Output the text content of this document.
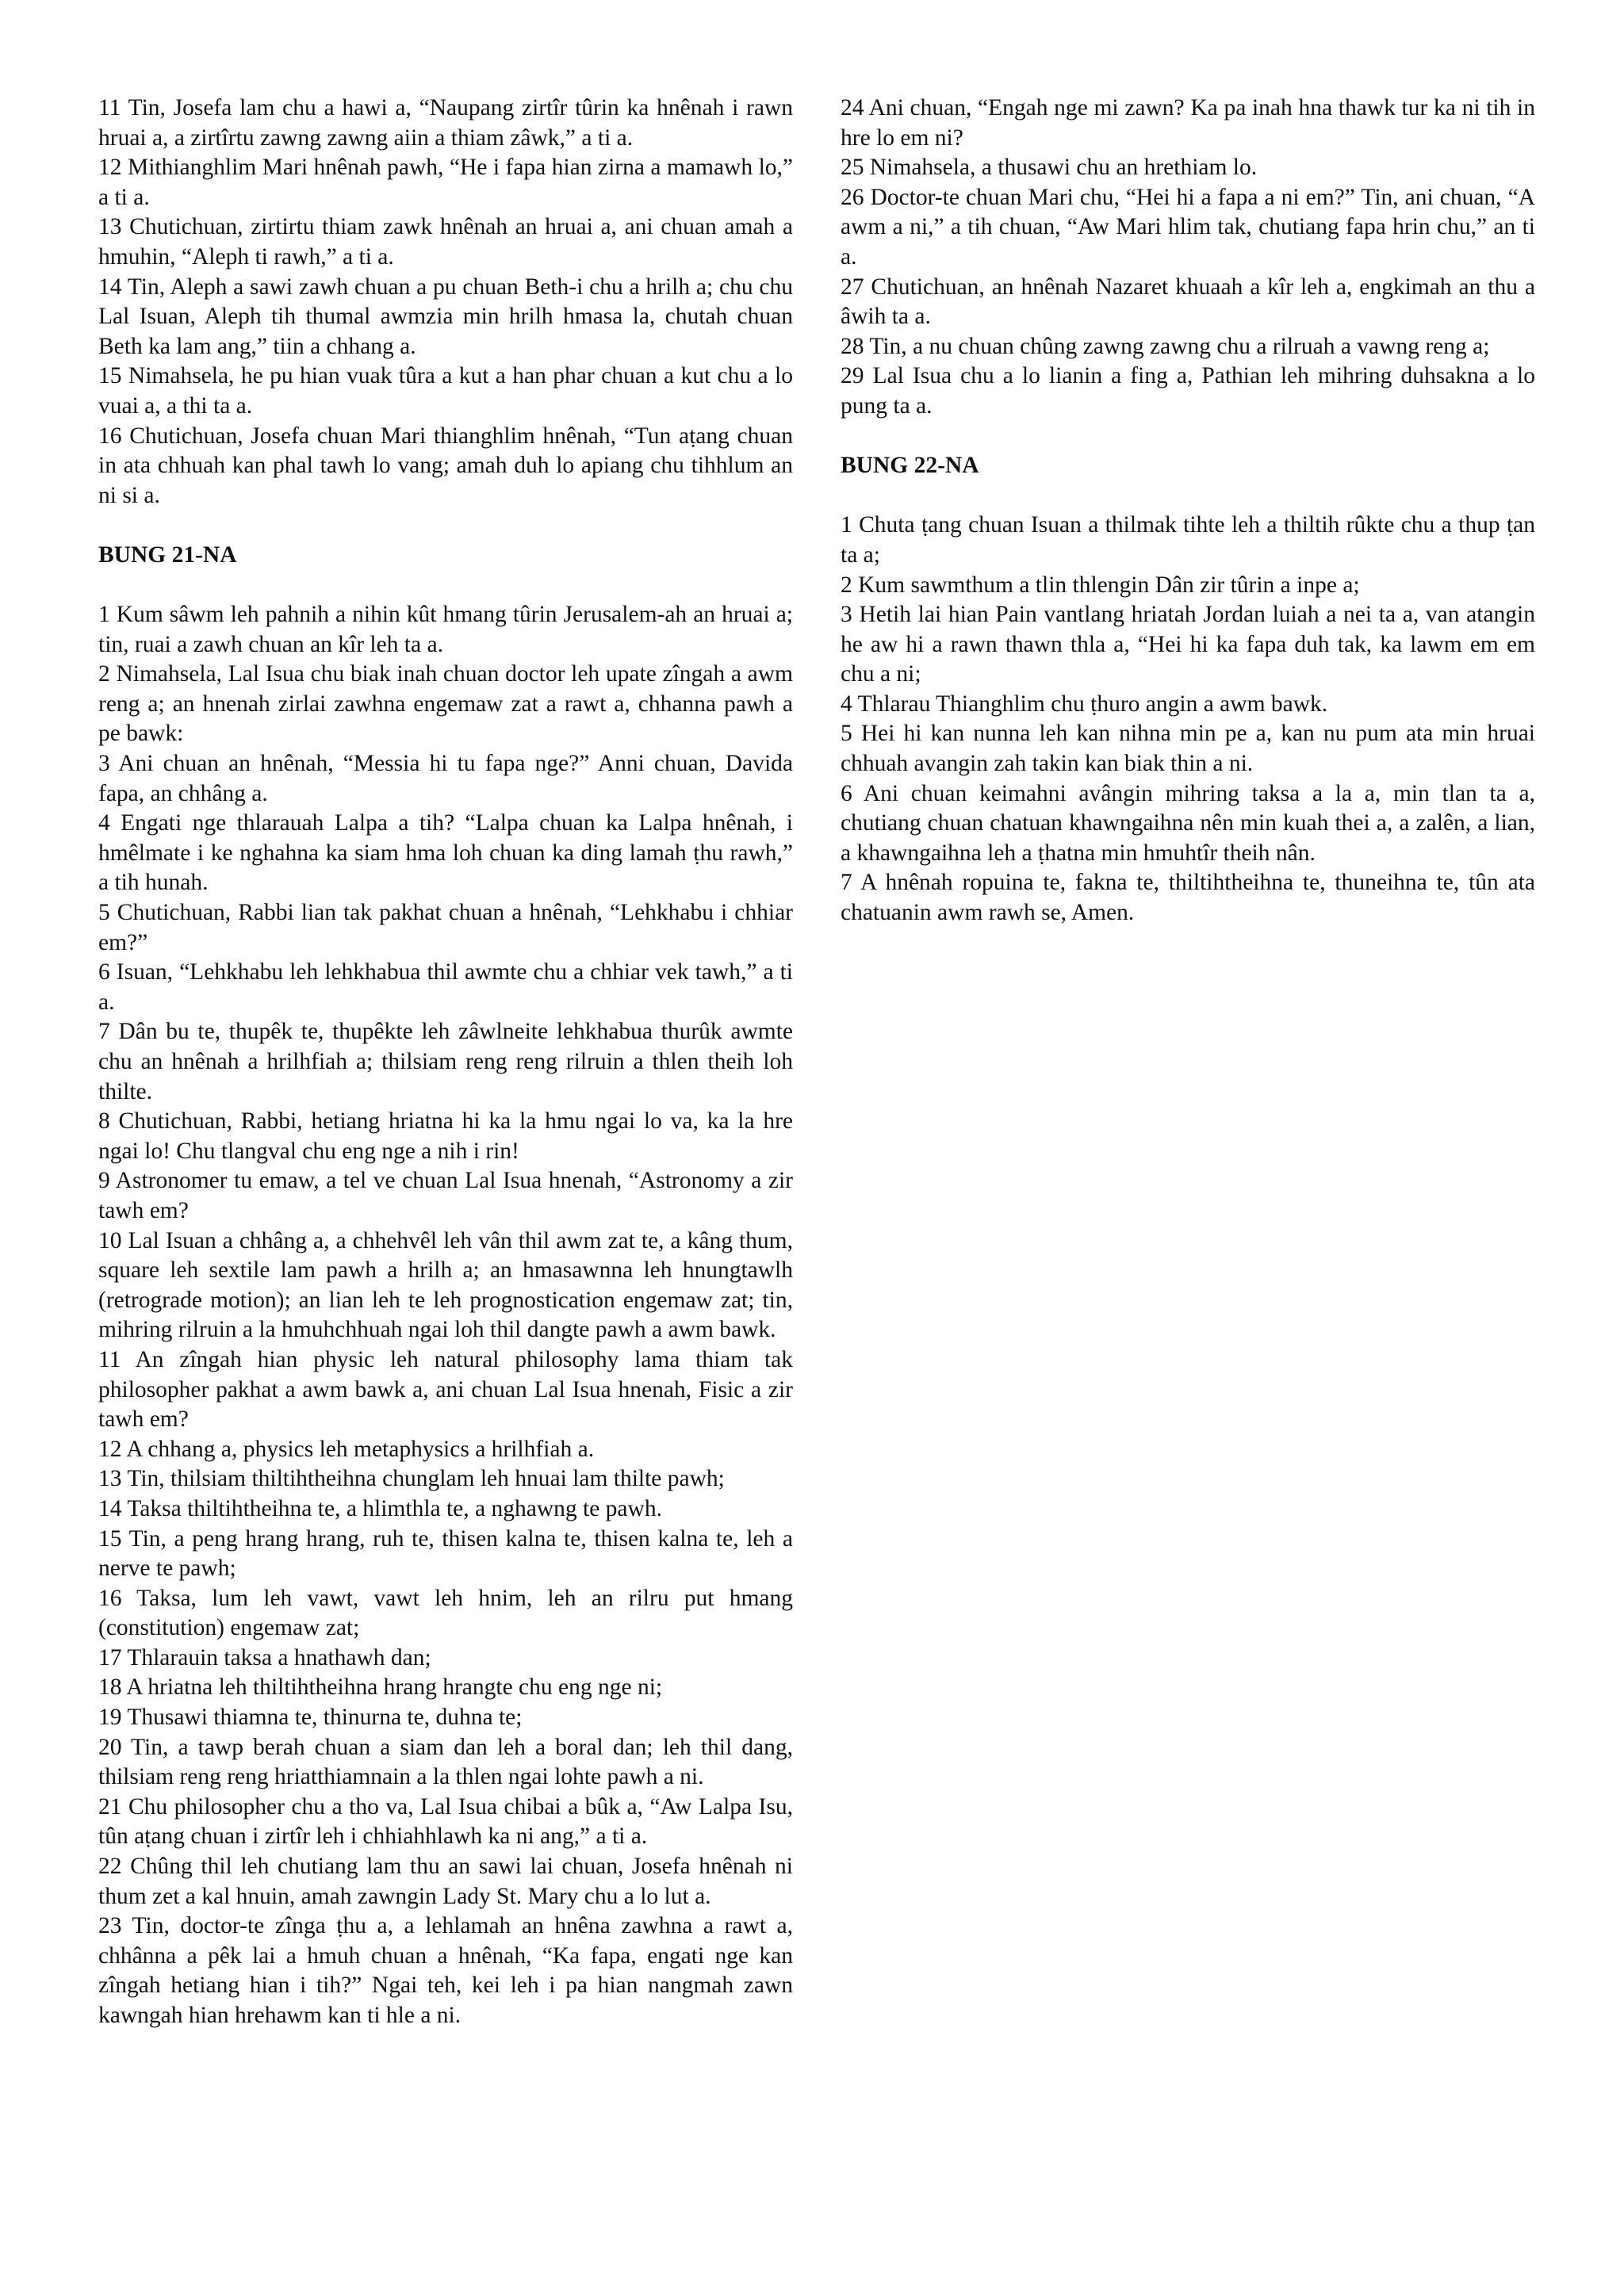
11 Tin, Josefa lam chu a hawi a, “Naupang zirtîr tûrin ka hnênah i rawn hruai a, a zirtîrtu zawng zawng aiin a thiam zâwk,” a ti a.

12 Mithianghlim Mari hnênah pawh, “He i fapa hian zirna a mamawh lo,” a ti a.

13 Chutichuan, zirtirtu thiam zawk hnênah an hruai a, ani chuan amah a hmuhin, “Aleph ti rawh,” a ti a.

14 Tin, Aleph a sawi zawh chuan a pu chuan Beth-i chu a hrilh a; chu chu Lal Isuan, Aleph tih thumal awmzia min hrilh hmasa la, chutah chuan Beth ka lam ang,” tiin a chhang a.

15 Nimahsela, he pu hian vuak tûra a kut a han phar chuan a kut chu a lo vuai a, a thi ta a.

16 Chutichuan, Josefa chuan Mari thianghlim hnênah, “Tun aṭang chuan in ata chhuah kan phal tawh lo vang; amah duh lo apiang chu tihhlum an ni si a.

BUNG 21-NA

1 Kum sâwm leh pahnih a nihin kût hmang tûrin Jerusalem-ah an hruai a; tin, ruai a zawh chuan an kîr leh ta a.

2 Nimahsela, Lal Isua chu biak inah chuan doctor leh upate zîngah a awm reng a; an hnenah zirlai zawhna engemaw zat a rawt a, chhanna pawh a pe bawk:

3 Ani chuan an hnênah, “Messia hi tu fapa nge?” Anni chuan, Davida fapa, an chhâng a.

4 Engati nge thlarauah Lalpa a tih? “Lalpa chuan ka Lalpa hnênah, i hmêlmate i ke nghahna ka siam hma loh chuan ka ding lamah ṭhu rawh,” a tih hunah.

5 Chutichuan, Rabbi lian tak pakhat chuan a hnênah, “Lehkhabu i chhiar em?”

6 Isuan, “Lehkhabu leh lehkhabua thil awmte chu a chhiar vek tawh,” a ti a.

7 Dân bu te, thupêk te, thupêkte leh zâwlneite lehkhabua thurûk awmte chu an hnênah a hrilhfiah a; thilsiam reng reng rilruin a thlen theih loh thilte.

8 Chutichuan, Rabbi, hetiang hriatna hi ka la hmu ngai lo va, ka la hre ngai lo! Chu tlangval chu eng nge a nih i rin!

9 Astronomer tu emaw, a tel ve chuan Lal Isua hnenah, “Astronomy a zir tawh em?

10 Lal Isuan a chhâng a, a chhehvêl leh vân thil awm zat te, a kâng thum, square leh sextile lam pawh a hrilh a; an hmasawnna leh hnungtawlh (retrograde motion); an lian leh te leh prognostication engemaw zat; tin, mihring rilruin a la hmuhchhuah ngai loh thil dangte pawh a awm bawk.

11 An zîngah hian physic leh natural philosophy lama thiam tak philosopher pakhat a awm bawk a, ani chuan Lal Isua hnenah, Fisic a zir tawh em?

12 A chhang a, physics leh metaphysics a hrilhfiah a.

13 Tin, thilsiam thiltihtheihna chunglam leh hnuai lam thilte pawh;

14 Taksa thiltihtheihna te, a hlimthla te, a nghawng te pawh.

15 Tin, a peng hrang hrang, ruh te, thisen kalna te, thisen kalna te, leh a nerve te pawh;

16 Taksa, lum leh vawt, vawt leh hnim, leh an rilru put hmang (constitution) engemaw zat;

17 Thlarauin taksa a hnathawh dan;

18 A hriatna leh thiltihtheihna hrang hrangte chu eng nge ni;

19 Thusawi thiamna te, thinurna te, duhna te;

20 Tin, a tawp berah chuan a siam dan leh a boral dan; leh thil dang, thilsiam reng reng hriatthiamnain a la thlen ngai lohte pawh a ni.

21 Chu philosopher chu a tho va, Lal Isua chibai a bûk a, “Aw Lalpa Isu, tûn aṭang chuan i zirtîr leh i chhiahhlawh ka ni ang,” a ti a.

22 Chûng thil leh chutiang lam thu an sawi lai chuan, Josefa hnênah ni thum zet a kal hnuin, amah zawngin Lady St. Mary chu a lo lut a.

23 Tin, doctor-te zînga ṭhu a, a lehlamah an hnêna zawhna a rawt a, chhânna a pêk lai a hmuh chuan a hnênah, “Ka fapa, engati nge kan zîngah hetiang hian i tih?” Ngai teh, kei leh i pa hian nangmah zawn kawngah hian hrehawm kan ti hle a ni.

24 Ani chuan, “Engah nge mi zawn? Ka pa inah hna thawk tur ka ni tih in hre lo em ni?

25 Nimahsela, a thusawi chu an hrethiam lo.

26 Doctor-te chuan Mari chu, “Hei hi a fapa a ni em?” Tin, ani chuan, “A awm a ni,” a tih chuan, “Aw Mari hlim tak, chutiang fapa hrin chu,” an ti a.

27 Chutichuan, an hnênah Nazaret khuaah a kîr leh a, engkimah an thu a âwih ta a.

28 Tin, a nu chuan chûng zawng zawng chu a rilruah a vawng reng a;

29 Lal Isua chu a lo lianin a fing a, Pathian leh mihring duhsakna a lo pung ta a.

BUNG 22-NA

1 Chuta ṭang chuan Isuan a thilmak tihte leh a thiltih rûkte chu a thup ṭan ta a;

2 Kum sawmthum a tlin thlengin Dân zir tûrin a inpe a;

3 Hetih lai hian Pain vantlang hriatah Jordan luiah a nei ta a, van atangin he aw hi a rawn thawn thla a, “Hei hi ka fapa duh tak, ka lawm em em chu a ni;

4 Thlarau Thianghlim chu ṭhuro angin a awm bawk.

5 Hei hi kan nunna leh kan nihna min pe a, kan nu pum ata min hruai chhuah avangin zah takin kan biak thin a ni.

6 Ani chuan keimahni avângin mihring taksa a la a, min tlan ta a, chutiang chuan chatuan khawngaihna nên min kuah thei a, a zalên, a lian, a khawngaihna leh a ṭhatna min hmuhtîr theih nân.

7 A hnênah ropuina te, fakna te, thiltihtheihna te, thuneihna te, tûn ata chatuanin awm rawh se, Amen.
